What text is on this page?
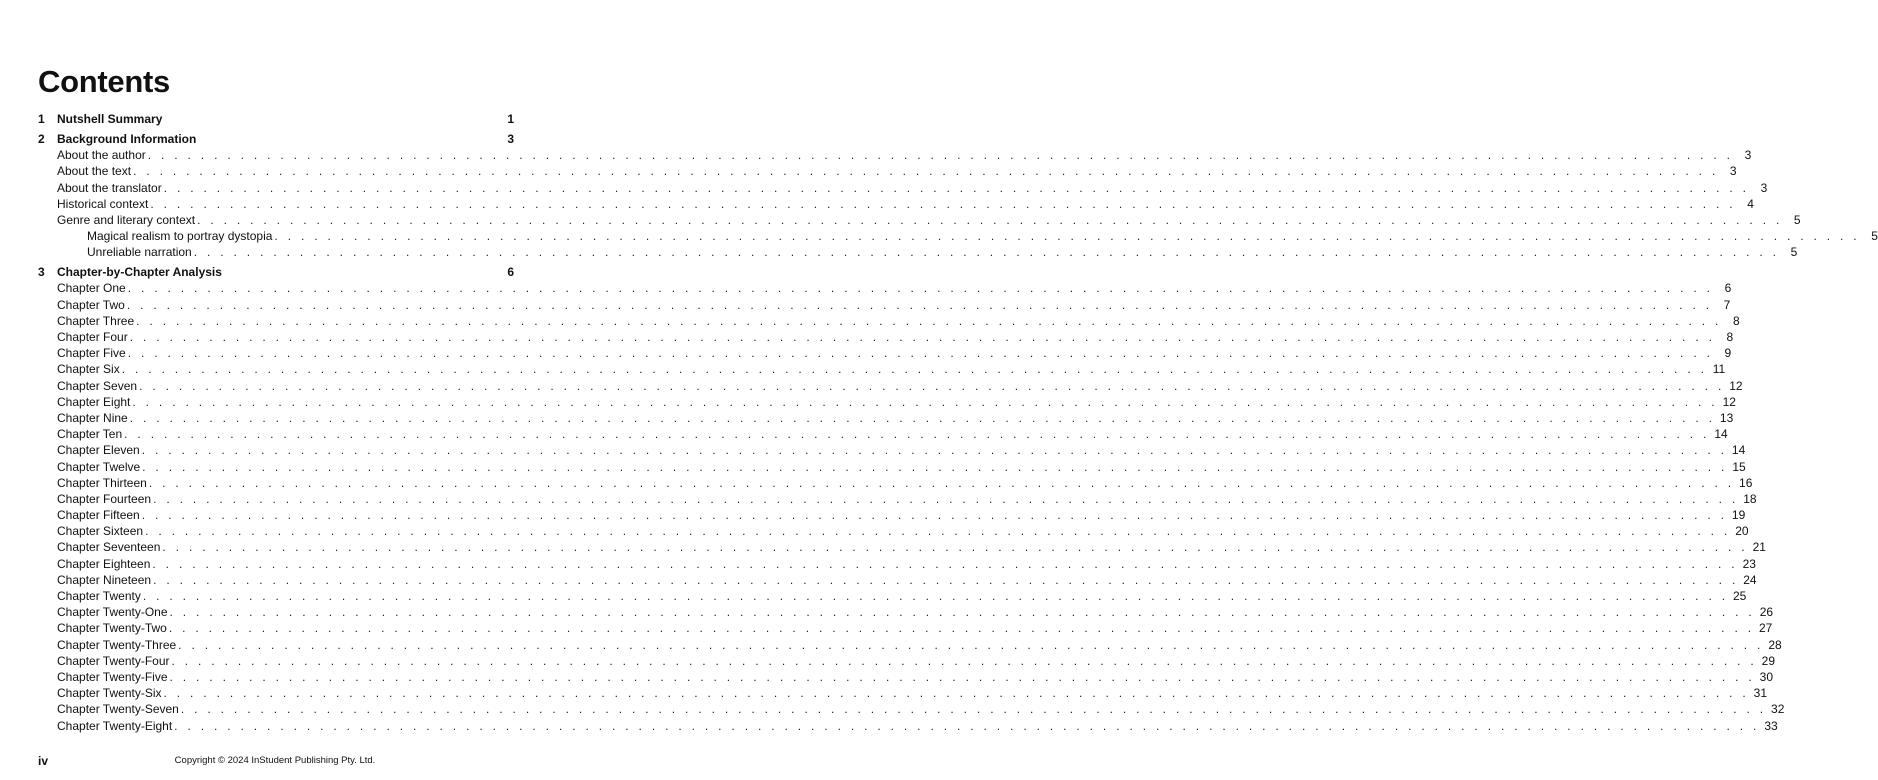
Contents
1	Nutshell Summary	1
2	Background Information	3
About the author . . . . . . . . . . . . . . . . . . . . . . . . . . . . . . . . . . . . . . . . . . . . . . . . . . . . . . . . . . . . . . . . . . . . . . . . . . . . . . . . . . . . . . . . . . . . . . . . . . . . . . . . . . . . . . . . . . . . . . . . 3
About the text . . . . . . . . . . . . . . . . . . . . . . . . . . . . . . . . . . . . . . . . . . . . . . . . . . . . . . . . . . . . . . . . . . . . . . . . . . . . . . . . . . . . . . . . . . . . . . . . . . . . . . . . . . . . . . . . . . . . . . . . 3
About the translator . . . . . . . . . . . . . . . . . . . . . . . . . . . . . . . . . . . . . . . . . . . . . . . . . . . . . . . . . . . . . . . . . . . . . . . . . . . . . . . . . . . . . . . . . . . . . . . . . . . . . . . . . . . . . . . . . . . . . . . . 3
Historical context . . . . . . . . . . . . . . . . . . . . . . . . . . . . . . . . . . . . . . . . . . . . . . . . . . . . . . . . . . . . . . . . . . . . . . . . . . . . . . . . . . . . . . . . . . . . . . . . . . . . . . . . . . . . . . . . . . . . . . . . 4
Genre and literary context . . . . . . . . . . . . . . . . . . . . . . . . . . . . . . . . . . . . . . . . . . . . . . . . . . . . . . . . . . . . . . . . . . . . . . . . . . . . . . . . . . . . . . . . . . . . . . . . . . . . . . . . . . . . . . . . . . . . . . . . 5
Magical realism to portray dystopia . . . . . . . . . . . . . . . . . . . . . . . . . . . . . . . . . . . . . . . . . . . . . . . . . . . . . . . . . . . . . . . . . . . . . . . . . . . . . . . . . . . . . . . . . . . . . . . . . . . . . . . . . . . . . . . . . . . . . . . . 5
Unreliable narration . . . . . . . . . . . . . . . . . . . . . . . . . . . . . . . . . . . . . . . . . . . . . . . . . . . . . . . . . . . . . . . . . . . . . . . . . . . . . . . . . . . . . . . . . . . . . . . . . . . . . . . . . . . . . . . . . . . . . . . . 5
3	Chapter-by-Chapter Analysis	6
Chapter One . . . . . . . . . . . . . . . . . . . . . . . . . . . . . . . . . . . . . . . . . . . . . . . . . . . . . . . . . . . . . . . . . . . . . . . . . . . . . . . . . . . . . . . . . . . . . . . . . . . . . . . . . . . . . . . . . . . . . . . . 6
Chapter Two . . . . . . . . . . . . . . . . . . . . . . . . . . . . . . . . . . . . . . . . . . . . . . . . . . . . . . . . . . . . . . . . . . . . . . . . . . . . . . . . . . . . . . . . . . . . . . . . . . . . . . . . . . . . . . . . . . . . . . . . 7
Chapter Three . . . . . . . . . . . . . . . . . . . . . . . . . . . . . . . . . . . . . . . . . . . . . . . . . . . . . . . . . . . . . . . . . . . . . . . . . . . . . . . . . . . . . . . . . . . . . . . . . . . . . . . . . . . . . . . . . . . . . . . . 8
Chapter Four . . . . . . . . . . . . . . . . . . . . . . . . . . . . . . . . . . . . . . . . . . . . . . . . . . . . . . . . . . . . . . . . . . . . . . . . . . . . . . . . . . . . . . . . . . . . . . . . . . . . . . . . . . . . . . . . . . . . . . . . 8
Chapter Five . . . . . . . . . . . . . . . . . . . . . . . . . . . . . . . . . . . . . . . . . . . . . . . . . . . . . . . . . . . . . . . . . . . . . . . . . . . . . . . . . . . . . . . . . . . . . . . . . . . . . . . . . . . . . . . . . . . . . . . . 9
Chapter Six . . . . . . . . . . . . . . . . . . . . . . . . . . . . . . . . . . . . . . . . . . . . . . . . . . . . . . . . . . . . . . . . . . . . . . . . . . . . . . . . . . . . . . . . . . . . . . . . . . . . . . . . . . . . . . . . . . . . . . . . 11
Chapter Seven . . . . . . . . . . . . . . . . . . . . . . . . . . . . . . . . . . . . . . . . . . . . . . . . . . . . . . . . . . . . . . . . . . . . . . . . . . . . . . . . . . . . . . . . . . . . . . . . . . . . . . . . . . . . . . . . . . . . . . . . 12
Chapter Eight . . . . . . . . . . . . . . . . . . . . . . . . . . . . . . . . . . . . . . . . . . . . . . . . . . . . . . . . . . . . . . . . . . . . . . . . . . . . . . . . . . . . . . . . . . . . . . . . . . . . . . . . . . . . . . . . . . . . . . . . 12
Chapter Nine . . . . . . . . . . . . . . . . . . . . . . . . . . . . . . . . . . . . . . . . . . . . . . . . . . . . . . . . . . . . . . . . . . . . . . . . . . . . . . . . . . . . . . . . . . . . . . . . . . . . . . . . . . . . . . . . . . . . . . . . 13
Chapter Ten . . . . . . . . . . . . . . . . . . . . . . . . . . . . . . . . . . . . . . . . . . . . . . . . . . . . . . . . . . . . . . . . . . . . . . . . . . . . . . . . . . . . . . . . . . . . . . . . . . . . . . . . . . . . . . . . . . . . . . . . 14
Chapter Eleven . . . . . . . . . . . . . . . . . . . . . . . . . . . . . . . . . . . . . . . . . . . . . . . . . . . . . . . . . . . . . . . . . . . . . . . . . . . . . . . . . . . . . . . . . . . . . . . . . . . . . . . . . . . . . . . . . . . . . . . . 14
Chapter Twelve . . . . . . . . . . . . . . . . . . . . . . . . . . . . . . . . . . . . . . . . . . . . . . . . . . . . . . . . . . . . . . . . . . . . . . . . . . . . . . . . . . . . . . . . . . . . . . . . . . . . . . . . . . . . . . . . . . . . . . . . 15
Chapter Thirteen . . . . . . . . . . . . . . . . . . . . . . . . . . . . . . . . . . . . . . . . . . . . . . . . . . . . . . . . . . . . . . . . . . . . . . . . . . . . . . . . . . . . . . . . . . . . . . . . . . . . . . . . . . . . . . . . . . . . . . . . 16
Chapter Fourteen . . . . . . . . . . . . . . . . . . . . . . . . . . . . . . . . . . . . . . . . . . . . . . . . . . . . . . . . . . . . . . . . . . . . . . . . . . . . . . . . . . . . . . . . . . . . . . . . . . . . . . . . . . . . . . . . . . . . . . . . 18
Chapter Fifteen . . . . . . . . . . . . . . . . . . . . . . . . . . . . . . . . . . . . . . . . . . . . . . . . . . . . . . . . . . . . . . . . . . . . . . . . . . . . . . . . . . . . . . . . . . . . . . . . . . . . . . . . . . . . . . . . . . . . . . . . 19
Chapter Sixteen . . . . . . . . . . . . . . . . . . . . . . . . . . . . . . . . . . . . . . . . . . . . . . . . . . . . . . . . . . . . . . . . . . . . . . . . . . . . . . . . . . . . . . . . . . . . . . . . . . . . . . . . . . . . . . . . . . . . . . . . 20
Chapter Seventeen . . . . . . . . . . . . . . . . . . . . . . . . . . . . . . . . . . . . . . . . . . . . . . . . . . . . . . . . . . . . . . . . . . . . . . . . . . . . . . . . . . . . . . . . . . . . . . . . . . . . . . . . . . . . . . . . . . . . . . . . 21
Chapter Eighteen . . . . . . . . . . . . . . . . . . . . . . . . . . . . . . . . . . . . . . . . . . . . . . . . . . . . . . . . . . . . . . . . . . . . . . . . . . . . . . . . . . . . . . . . . . . . . . . . . . . . . . . . . . . . . . . . . . . . . . . . 23
Chapter Nineteen . . . . . . . . . . . . . . . . . . . . . . . . . . . . . . . . . . . . . . . . . . . . . . . . . . . . . . . . . . . . . . . . . . . . . . . . . . . . . . . . . . . . . . . . . . . . . . . . . . . . . . . . . . . . . . . . . . . . . . . . 24
Chapter Twenty . . . . . . . . . . . . . . . . . . . . . . . . . . . . . . . . . . . . . . . . . . . . . . . . . . . . . . . . . . . . . . . . . . . . . . . . . . . . . . . . . . . . . . . . . . . . . . . . . . . . . . . . . . . . . . . . . . . . . . . . 25
Chapter Twenty-One . . . . . . . . . . . . . . . . . . . . . . . . . . . . . . . . . . . . . . . . . . . . . . . . . . . . . . . . . . . . . . . . . . . . . . . . . . . . . . . . . . . . . . . . . . . . . . . . . . . . . . . . . . . . . . . . . . . . . . . . 26
Chapter Twenty-Two . . . . . . . . . . . . . . . . . . . . . . . . . . . . . . . . . . . . . . . . . . . . . . . . . . . . . . . . . . . . . . . . . . . . . . . . . . . . . . . . . . . . . . . . . . . . . . . . . . . . . . . . . . . . . . . . . . . . . . . . 27
Chapter Twenty-Three . . . . . . . . . . . . . . . . . . . . . . . . . . . . . . . . . . . . . . . . . . . . . . . . . . . . . . . . . . . . . . . . . . . . . . . . . . . . . . . . . . . . . . . . . . . . . . . . . . . . . . . . . . . . . . . . . . . . . . . . 28
Chapter Twenty-Four . . . . . . . . . . . . . . . . . . . . . . . . . . . . . . . . . . . . . . . . . . . . . . . . . . . . . . . . . . . . . . . . . . . . . . . . . . . . . . . . . . . . . . . . . . . . . . . . . . . . . . . . . . . . . . . . . . . . . . . . 29
Chapter Twenty-Five . . . . . . . . . . . . . . . . . . . . . . . . . . . . . . . . . . . . . . . . . . . . . . . . . . . . . . . . . . . . . . . . . . . . . . . . . . . . . . . . . . . . . . . . . . . . . . . . . . . . . . . . . . . . . . . . . . . . . . . . 30
Chapter Twenty-Six . . . . . . . . . . . . . . . . . . . . . . . . . . . . . . . . . . . . . . . . . . . . . . . . . . . . . . . . . . . . . . . . . . . . . . . . . . . . . . . . . . . . . . . . . . . . . . . . . . . . . . . . . . . . . . . . . . . . . . . . 31
Chapter Twenty-Seven . . . . . . . . . . . . . . . . . . . . . . . . . . . . . . . . . . . . . . . . . . . . . . . . . . . . . . . . . . . . . . . . . . . . . . . . . . . . . . . . . . . . . . . . . . . . . . . . . . . . . . . . . . . . . . . . . . . . . . . . 32
Chapter Twenty-Eight . . . . . . . . . . . . . . . . . . . . . . . . . . . . . . . . . . . . . . . . . . . . . . . . . . . . . . . . . . . . . . . . . . . . . . . . . . . . . . . . . . . . . . . . . . . . . . . . . . . . . . . . . . . . . . . . . . . . . . . . 33
iv	Copyright © 2024 InStudent Publishing Pty. Ltd.
